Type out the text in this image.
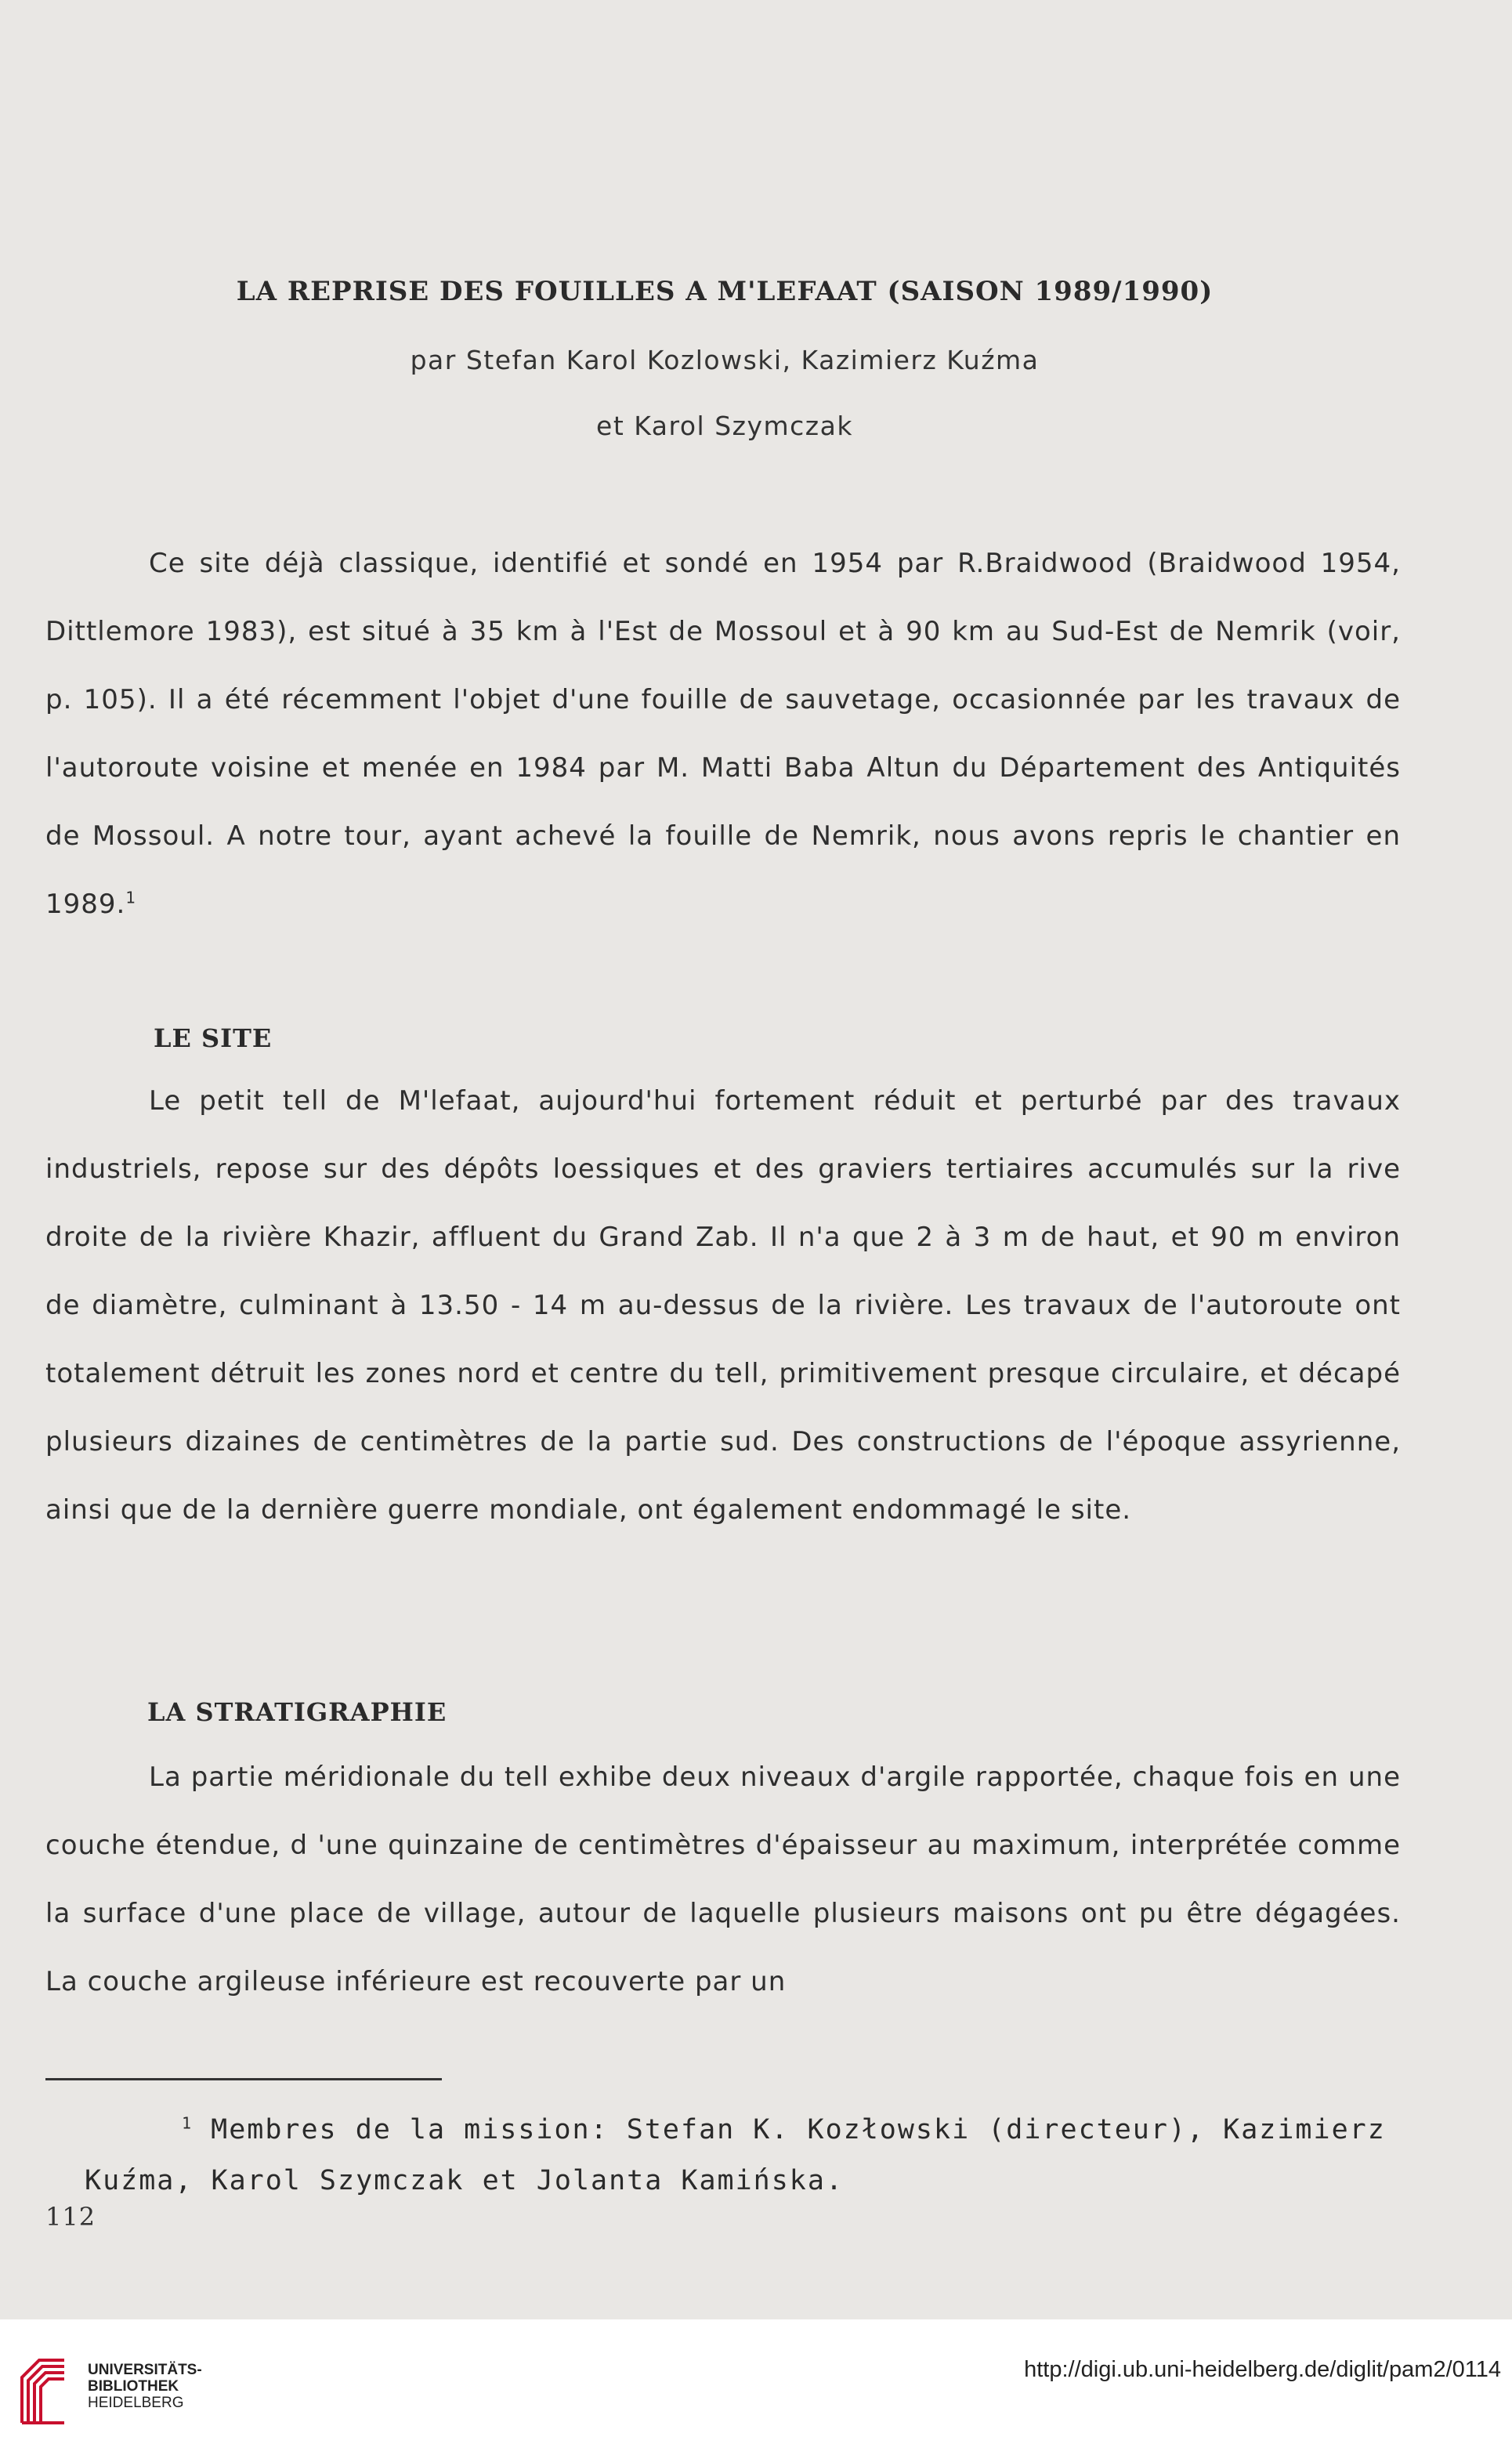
LA REPRISE DES FOUILLES A M'LEFAAT (SAISON 1989/1990)
par Stefan Karol Kozlowski, Kazimierz Kuźma
et Karol Szymczak

Ce site déjà classique, identifié et sondé en 1954 par R.Braidwood (Braidwood 1954, Dittlemore 1983), est situé à 35 km à l'Est de Mossoul et à 90 km au Sud-Est de Nemrik (voir, p. 105). Il a été récemment l'objet d'une fouille de sauvetage, occasionnée par les travaux de l'autoroute voisine et menée en 1984 par M. Matti Baba Altun du Département des Antiquités de Mossoul. A notre tour, ayant achevé la fouille de Nemrik, nous avons repris le chantier en 1989.$^1$

LE SITE

Le petit tell de M'lefaat, aujourd'hui fortement réduit et perturbé par des travaux industriels, repose sur des dépôts loessiques et des graviers tertiaires accumulés sur la rive droite de la rivière Khazir, affluent du Grand Zab. Il n'a que 2 à 3 m de haut, et 90 m environ de diamètre, culminant à 13.50 - 14 m au-dessus de la rivière. Les travaux de l'autoroute ont totalement détruit les zones nord et centre du tell, primitivement presque circulaire, et décapé plusieurs dizaines de centimètres de la partie sud. Des constructions de l'époque assyrienne, ainsi que de la dernière guerre mondiale, ont également endommagé le site.

LA STRATIGRAPHIE

La partie méridionale du tell exhibe deux niveaux d'argile rapportée, chaque fois en une couche étendue, d 'une quinzaine de centimètres d'épaisseur au maximum, interprétée comme la surface d'une place de village, autour de laquelle plusieurs maisons ont pu être dégagées. La couche argileuse inférieure est recouverte par un

$^1$ Membres de la mission: Stefan K. Kozłowski (directeur), Kazimierz Kuźma, Karol Szymczak et Jolanta Kamińska.

112
UNIVERSITÄTS-
BIBLIOTHEK
HEIDELBERG
http://digi.ub.uni-heidelberg.de/diglit/pam2/0114
